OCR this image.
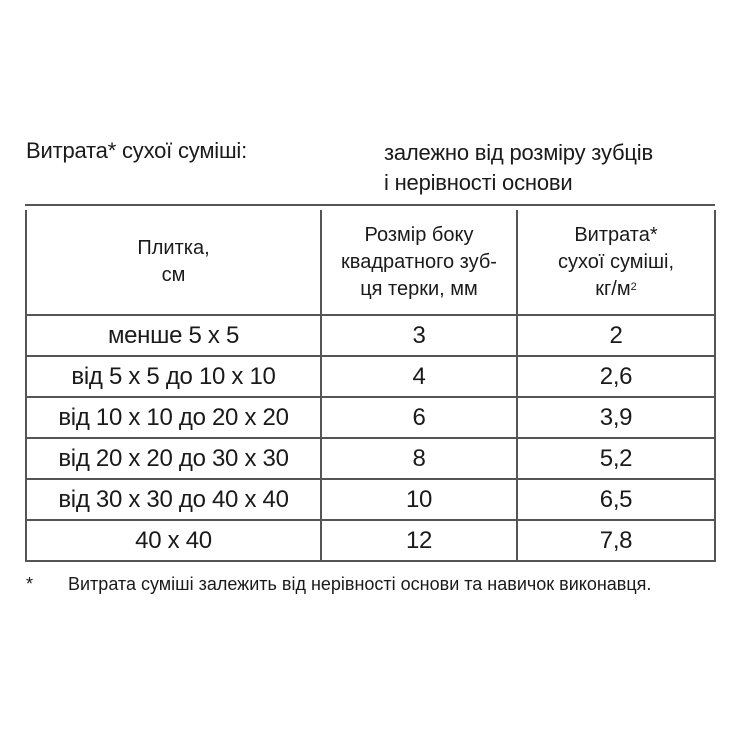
Витрата* сухої суміші:	залежно від розміру зубців
і нерівності основи
Плитка,
см

Розмір боку
квадратного зуб-
ця терки, мм

Витрата*
сухої суміші,
$кг/м^2$

менше 5 x 5	3	2
від 5 x 5 до 10 x 10	4	2,6
від 10 x 10 до 20 x 20	6	3,9
від 20 x 20 до 30 x 30	8	5,2
від 30 x 30 до 40 x 40	10	6,5
40 x 40	12	7,8
* Витрата суміші залежить від нерівності основи та навичок виконавця.
